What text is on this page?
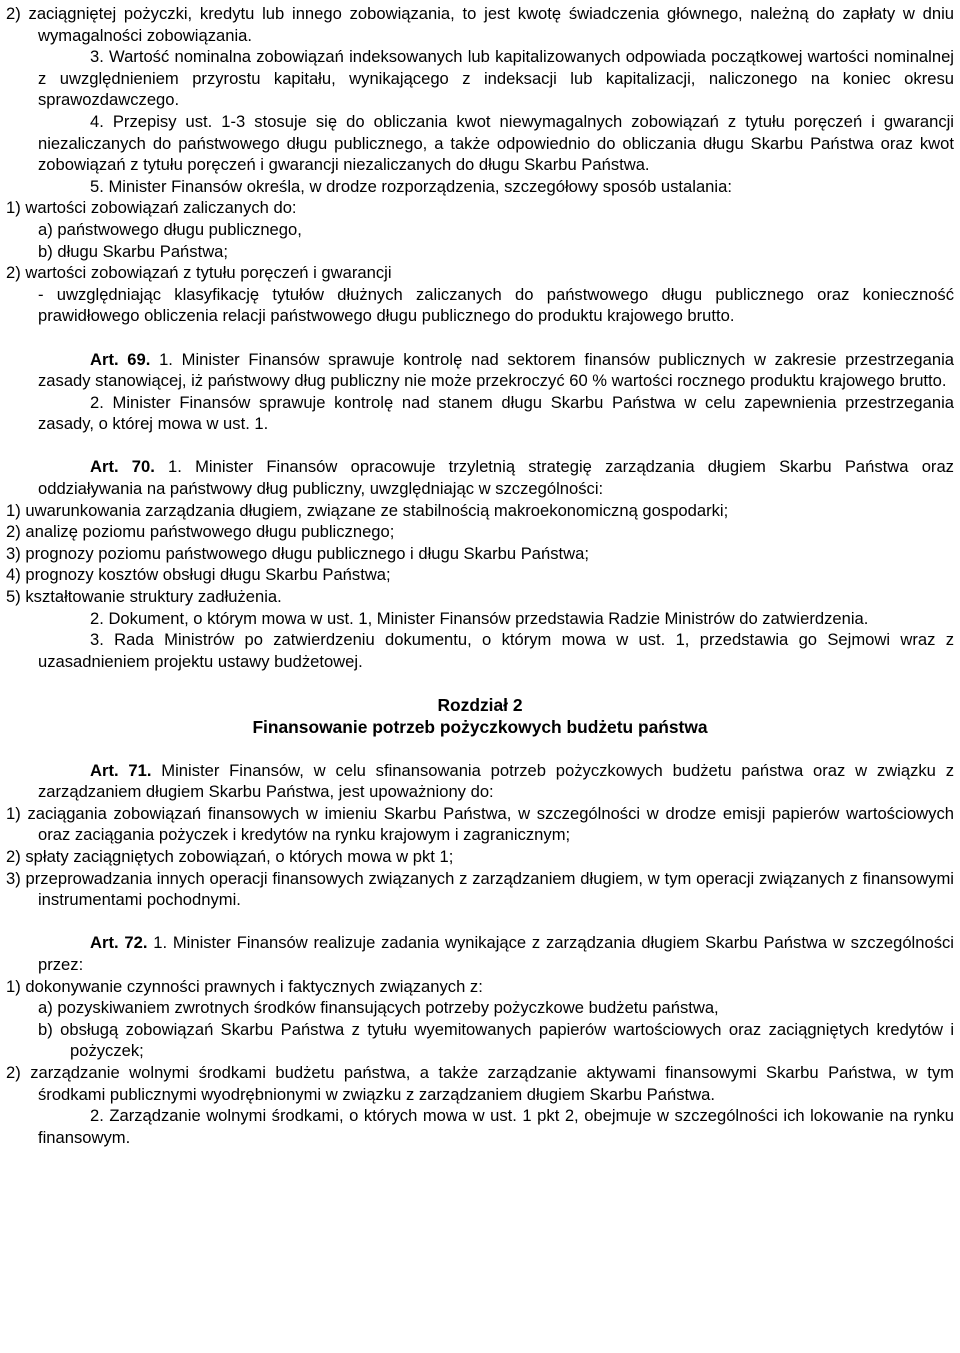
2) zaciągniętej pożyczki, kredytu lub innego zobowiązania, to jest kwotę świadczenia głównego, należną do zapłaty w dniu wymagalności zobowiązania.

3. Wartość nominalna zobowiązań indeksowanych lub kapitalizowanych odpowiada początkowej wartości nominalnej z uwzględnieniem przyrostu kapitału, wynikającego z indeksacji lub kapitalizacji, naliczonego na koniec okresu sprawozdawczego.

4. Przepisy ust. 1-3 stosuje się do obliczania kwot niewymagalnych zobowiązań z tytułu poręczeń i gwarancji niezaliczanych do państwowego długu publicznego, a także odpowiednio do obliczania długu Skarbu Państwa oraz kwot zobowiązań z tytułu poręczeń i gwarancji niezaliczanych do długu Skarbu Państwa.

5. Minister Finansów określa, w drodze rozporządzenia, szczegółowy sposób ustalania:

1) wartości zobowiązań zaliczanych do:

a) państwowego długu publicznego,

b) długu Skarbu Państwa;

2) wartości zobowiązań z tytułu poręczeń i gwarancji

- uwzględniając klasyfikację tytułów dłużnych zaliczanych do państwowego długu publicznego oraz konieczność prawidłowego obliczenia relacji państwowego długu publicznego do produktu krajowego brutto.

Art. 69. 1. Minister Finansów sprawuje kontrolę nad sektorem finansów publicznych w zakresie przestrzegania zasady stanowiącej, iż państwowy dług publiczny nie może przekroczyć 60 % wartości rocznego produktu krajowego brutto.

2. Minister Finansów sprawuje kontrolę nad stanem długu Skarbu Państwa w celu zapewnienia przestrzegania zasady, o której mowa w ust. 1.

Art. 70. 1. Minister Finansów opracowuje trzyletnią strategię zarządzania długiem Skarbu Państwa oraz oddziaływania na państwowy dług publiczny, uwzględniając w szczególności:

1) uwarunkowania zarządzania długiem, związane ze stabilnością makroekonomiczną gospodarki;

2) analizę poziomu państwowego długu publicznego;

3) prognozy poziomu państwowego długu publicznego i długu Skarbu Państwa;

4) prognozy kosztów obsługi długu Skarbu Państwa;

5) kształtowanie struktury zadłużenia.

2. Dokument, o którym mowa w ust. 1, Minister Finansów przedstawia Radzie Ministrów do zatwierdzenia.

3. Rada Ministrów po zatwierdzeniu dokumentu, o którym mowa w ust. 1, przedstawia go Sejmowi wraz z uzasadnieniem projektu ustawy budżetowej.

Rozdział 2

Finansowanie potrzeb pożyczkowych budżetu państwa

Art. 71. Minister Finansów, w celu sfinansowania potrzeb pożyczkowych budżetu państwa oraz w związku z zarządzaniem długiem Skarbu Państwa, jest upoważniony do:

1) zaciągania zobowiązań finansowych w imieniu Skarbu Państwa, w szczególności w drodze emisji papierów wartościowych oraz zaciągania pożyczek i kredytów na rynku krajowym i zagranicznym;

2) spłaty zaciągniętych zobowiązań, o których mowa w pkt 1;

3) przeprowadzania innych operacji finansowych związanych z zarządzaniem długiem, w tym operacji związanych z finansowymi instrumentami pochodnymi.

Art. 72. 1. Minister Finansów realizuje zadania wynikające z zarządzania długiem Skarbu Państwa w szczególności przez:

1) dokonywanie czynności prawnych i faktycznych związanych z:

a) pozyskiwaniem zwrotnych środków finansujących potrzeby pożyczkowe budżetu państwa,

b) obsługą zobowiązań Skarbu Państwa z tytułu wyemitowanych papierów wartościowych oraz zaciągniętych kredytów i pożyczek;

2) zarządzanie wolnymi środkami budżetu państwa, a także zarządzanie aktywami finansowymi Skarbu Państwa, w tym środkami publicznymi wyodrębnionymi w związku z zarządzaniem długiem Skarbu Państwa.

2. Zarządzanie wolnymi środkami, o których mowa w ust. 1 pkt 2, obejmuje w szczególności ich lokowanie na rynku finansowym.
